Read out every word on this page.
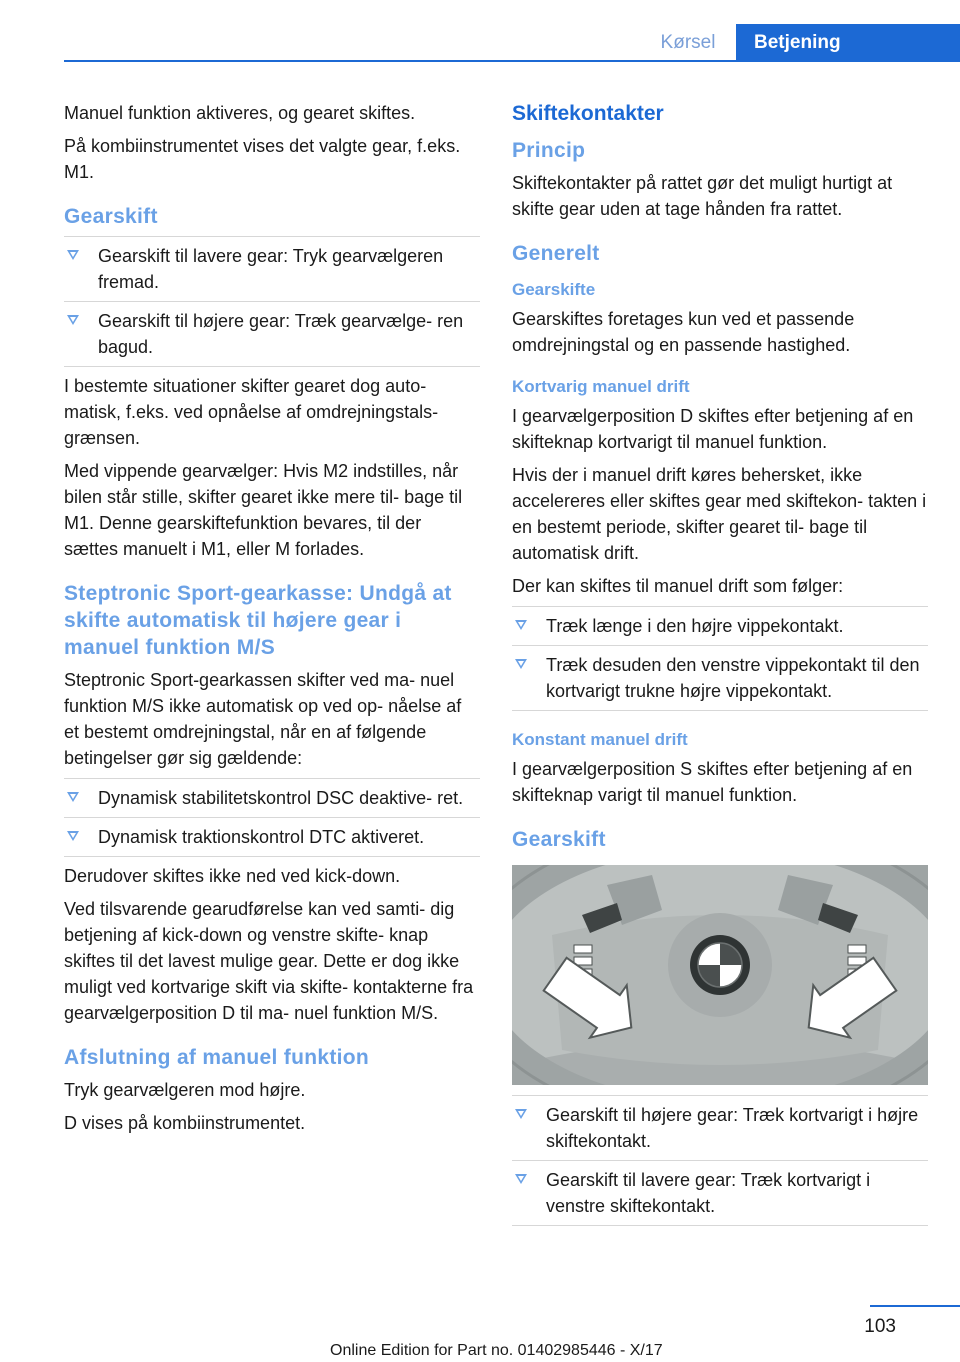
Kørsel	Betjening

Manuel funktion aktiveres, og gearet skiftes.

På kombiinstrumentet vises det valgte gear, f.eks. M1.

Gearskift
Gearskift til lavere gear: Tryk gearvælgeren fremad.
Gearskift til højere gear: Træk gearvælge‐ ren bagud.

I bestemte situationer skifter gearet dog auto‐ matisk, f.eks. ved opnåelse af omdrejningstals‐ grænsen.

Med vippende gearvælger: Hvis M2 indstilles, når bilen står stille, skifter gearet ikke mere til‐ bage til M1. Denne gearskiftefunktion bevares, til der sættes manuelt i M1, eller M forlades.

Steptronic Sport-gearkasse: Undgå at skifte automatisk til højere gear i manuel funktion M/S

Steptronic Sport-gearkassen skifter ved ma‐ nuel funktion M/S ikke automatisk op ved op‐ nåelse af et bestemt omdrejningstal, når en af følgende betingelser gør sig gældende:

Dynamisk stabilitetskontrol DSC deaktive‐ ret.
Dynamisk traktionskontrol DTC aktiveret.

Derudover skiftes ikke ned ved kick-down.

Ved tilsvarende gearudførelse kan ved samti‐ dig betjening af kick-down og venstre skifte‐ knap skiftes til det lavest mulige gear. Dette er dog ikke muligt ved kortvarige skift via skifte‐ kontakterne fra gearvælgerposition D til ma‐ nuel funktion M/S.

Afslutning af manuel funktion

Tryk gearvælgeren mod højre.

D vises på kombiinstrumentet.

Skiftekontakter
Princip

Skiftekontakter på rattet gør det muligt hurtigt at skifte gear uden at tage hånden fra rattet.

Generelt
Gearskifte

Gearskiftes foretages kun ved et passende omdrejningstal og en passende hastighed.

Kortvarig manuel drift

I gearvælgerposition D skiftes efter betjening af en skifteknap kortvarigt til manuel funktion.

Hvis der i manuel drift køres behersket, ikke accelereres eller skiftes gear med skiftekon‐ takten i en bestemt periode, skifter gearet til‐ bage til automatisk drift.

Der kan skiftes til manuel drift som følger:

Træk længe i den højre vippekontakt.
Træk desuden den venstre vippekontakt til den kortvarigt trukne højre vippekontakt.
Konstant manuel drift

I gearvælgerposition S skiftes efter betjening af en skifteknap varigt til manuel funktion.

Gearskift
Gearskift til højere gear: Træk kortvarigt i højre skiftekontakt.
Gearskift til lavere gear: Træk kortvarigt i venstre skiftekontakt.
103
Online Edition for Part no. 01402985446 - X/17
